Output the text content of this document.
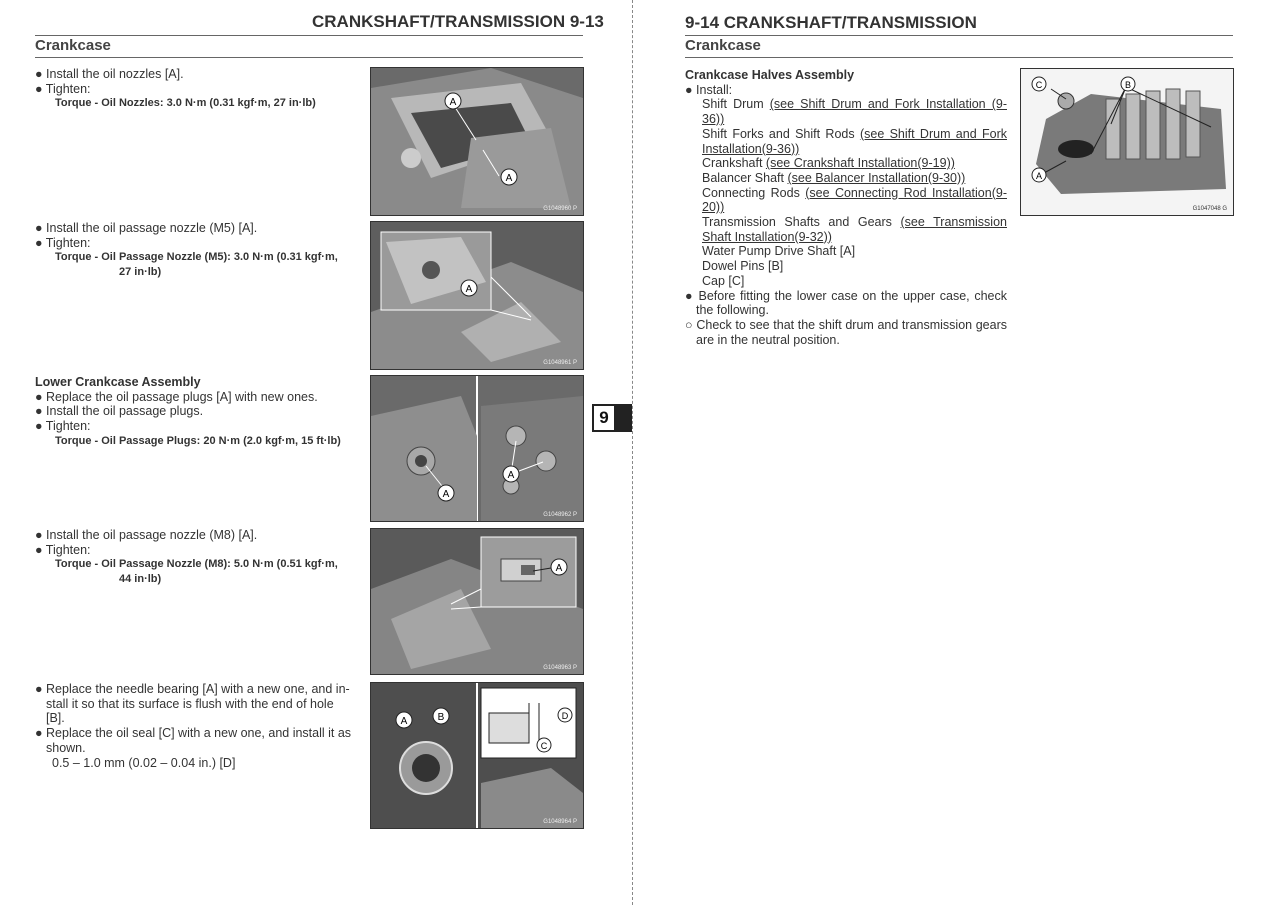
CRANKSHAFT/TRANSMISSION 9-13
Crankcase

● Install the oil nozzles [A].

● Tighten:

Torque - Oil Nozzles: 3.0 N·m (0.31 kgf·m, 27 in·lb)	A
A
G1048960 P

● Install the oil passage nozzle (M5) [A].

● Tighten:

Torque - Oil Passage Nozzle (M5): 3.0 N·m (0.31 kgf·m,

27 in·lb)

A
G1048961 P

Lower Crankcase Assembly

● Replace the oil passage plugs [A] with new ones.

● Install the oil passage plugs.

● Tighten:

Torque - Oil Passage Plugs: 20 N·m (2.0 kgf·m, 15 ft·lb)

A
A
G1048962 P

● Install the oil passage nozzle (M8) [A].

● Tighten:

Torque - Oil Passage Nozzle (M8): 5.0 N·m (0.51 kgf·m,

44 in·lb)

A
G1048963 P

● Replace the needle bearing [A] with a new one, and in-

stall it so that its surface is flush with the end of hole [B].

● Replace the oil seal [C] with a new one, and install it as

shown.

0.5 – 1.0 mm (0.02 – 0.04 in.) [D]

A	B	D
C
G1048964 P
9
9-14 CRANKSHAFT/TRANSMISSION
Crankcase

Crankcase Halves Assembly

● Install:

Shift Drum (see Shift Drum and Fork Installation (9-

36))

Shift Forks and Shift Rods (see Shift Drum and Fork

Installation(9-36))

Crankshaft (see Crankshaft Installation(9-19))

Balancer Shaft (see Balancer Installation(9-30))

Connecting Rods (see Connecting Rod Installation(9-

20))

Transmission Shafts and Gears (see Transmission

Shaft Installation(9-32))

Water Pump Drive Shaft [A]

Dowel Pins [B]

Cap [C]

● Before fitting the lower case on the upper case, check

the following.

○ Check to see that the shift drum and transmission gears

are in the neutral position.

C	B
A
G1047048 G
